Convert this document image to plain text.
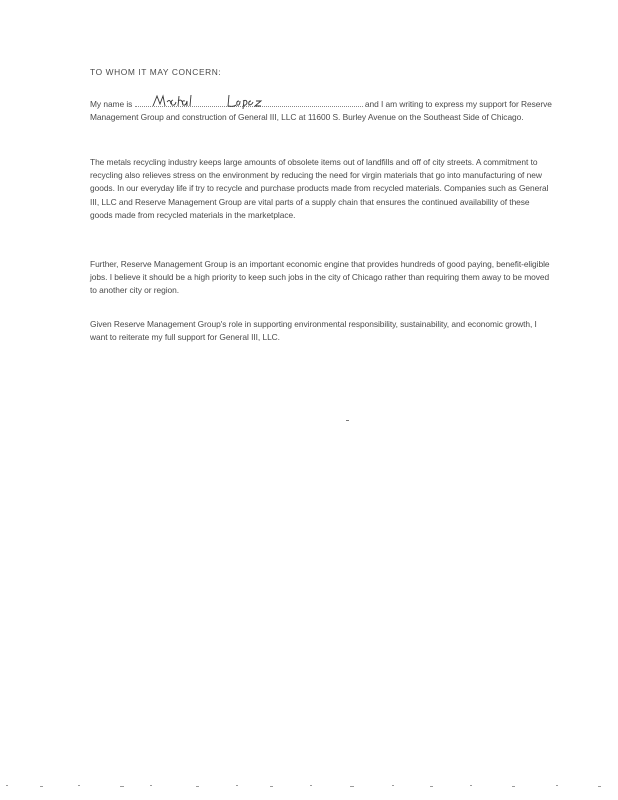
TO WHOM IT MAY CONCERN:
My name is	and I am writing to express my support for Reserve Management Group and construction of General III, LLC at 11600 S. Burley Avenue on the Southeast Side of Chicago.
The metals recycling industry keeps large amounts of obsolete items out of landfills and off of city streets. A commitment to recycling also relieves stress on the environment by reducing the need for virgin materials that go into manufacturing of new goods. In our everyday life if try to recycle and purchase products made from recycled materials. Companies such as General III, LLC and Reserve Management Group are vital parts of a supply chain that ensures the continued availability of these goods made from recycled materials in the marketplace.
Further, Reserve Management Group is an important economic engine that provides hundreds of good paying, benefit-eligible jobs. I believe it should be a high priority to keep such jobs in the city of Chicago rather than requiring them away to be moved to another city or region.
Given Reserve Management Group's role in supporting environmental responsibility, sustainability, and economic growth, I want to reiterate my full support for General III, LLC.
